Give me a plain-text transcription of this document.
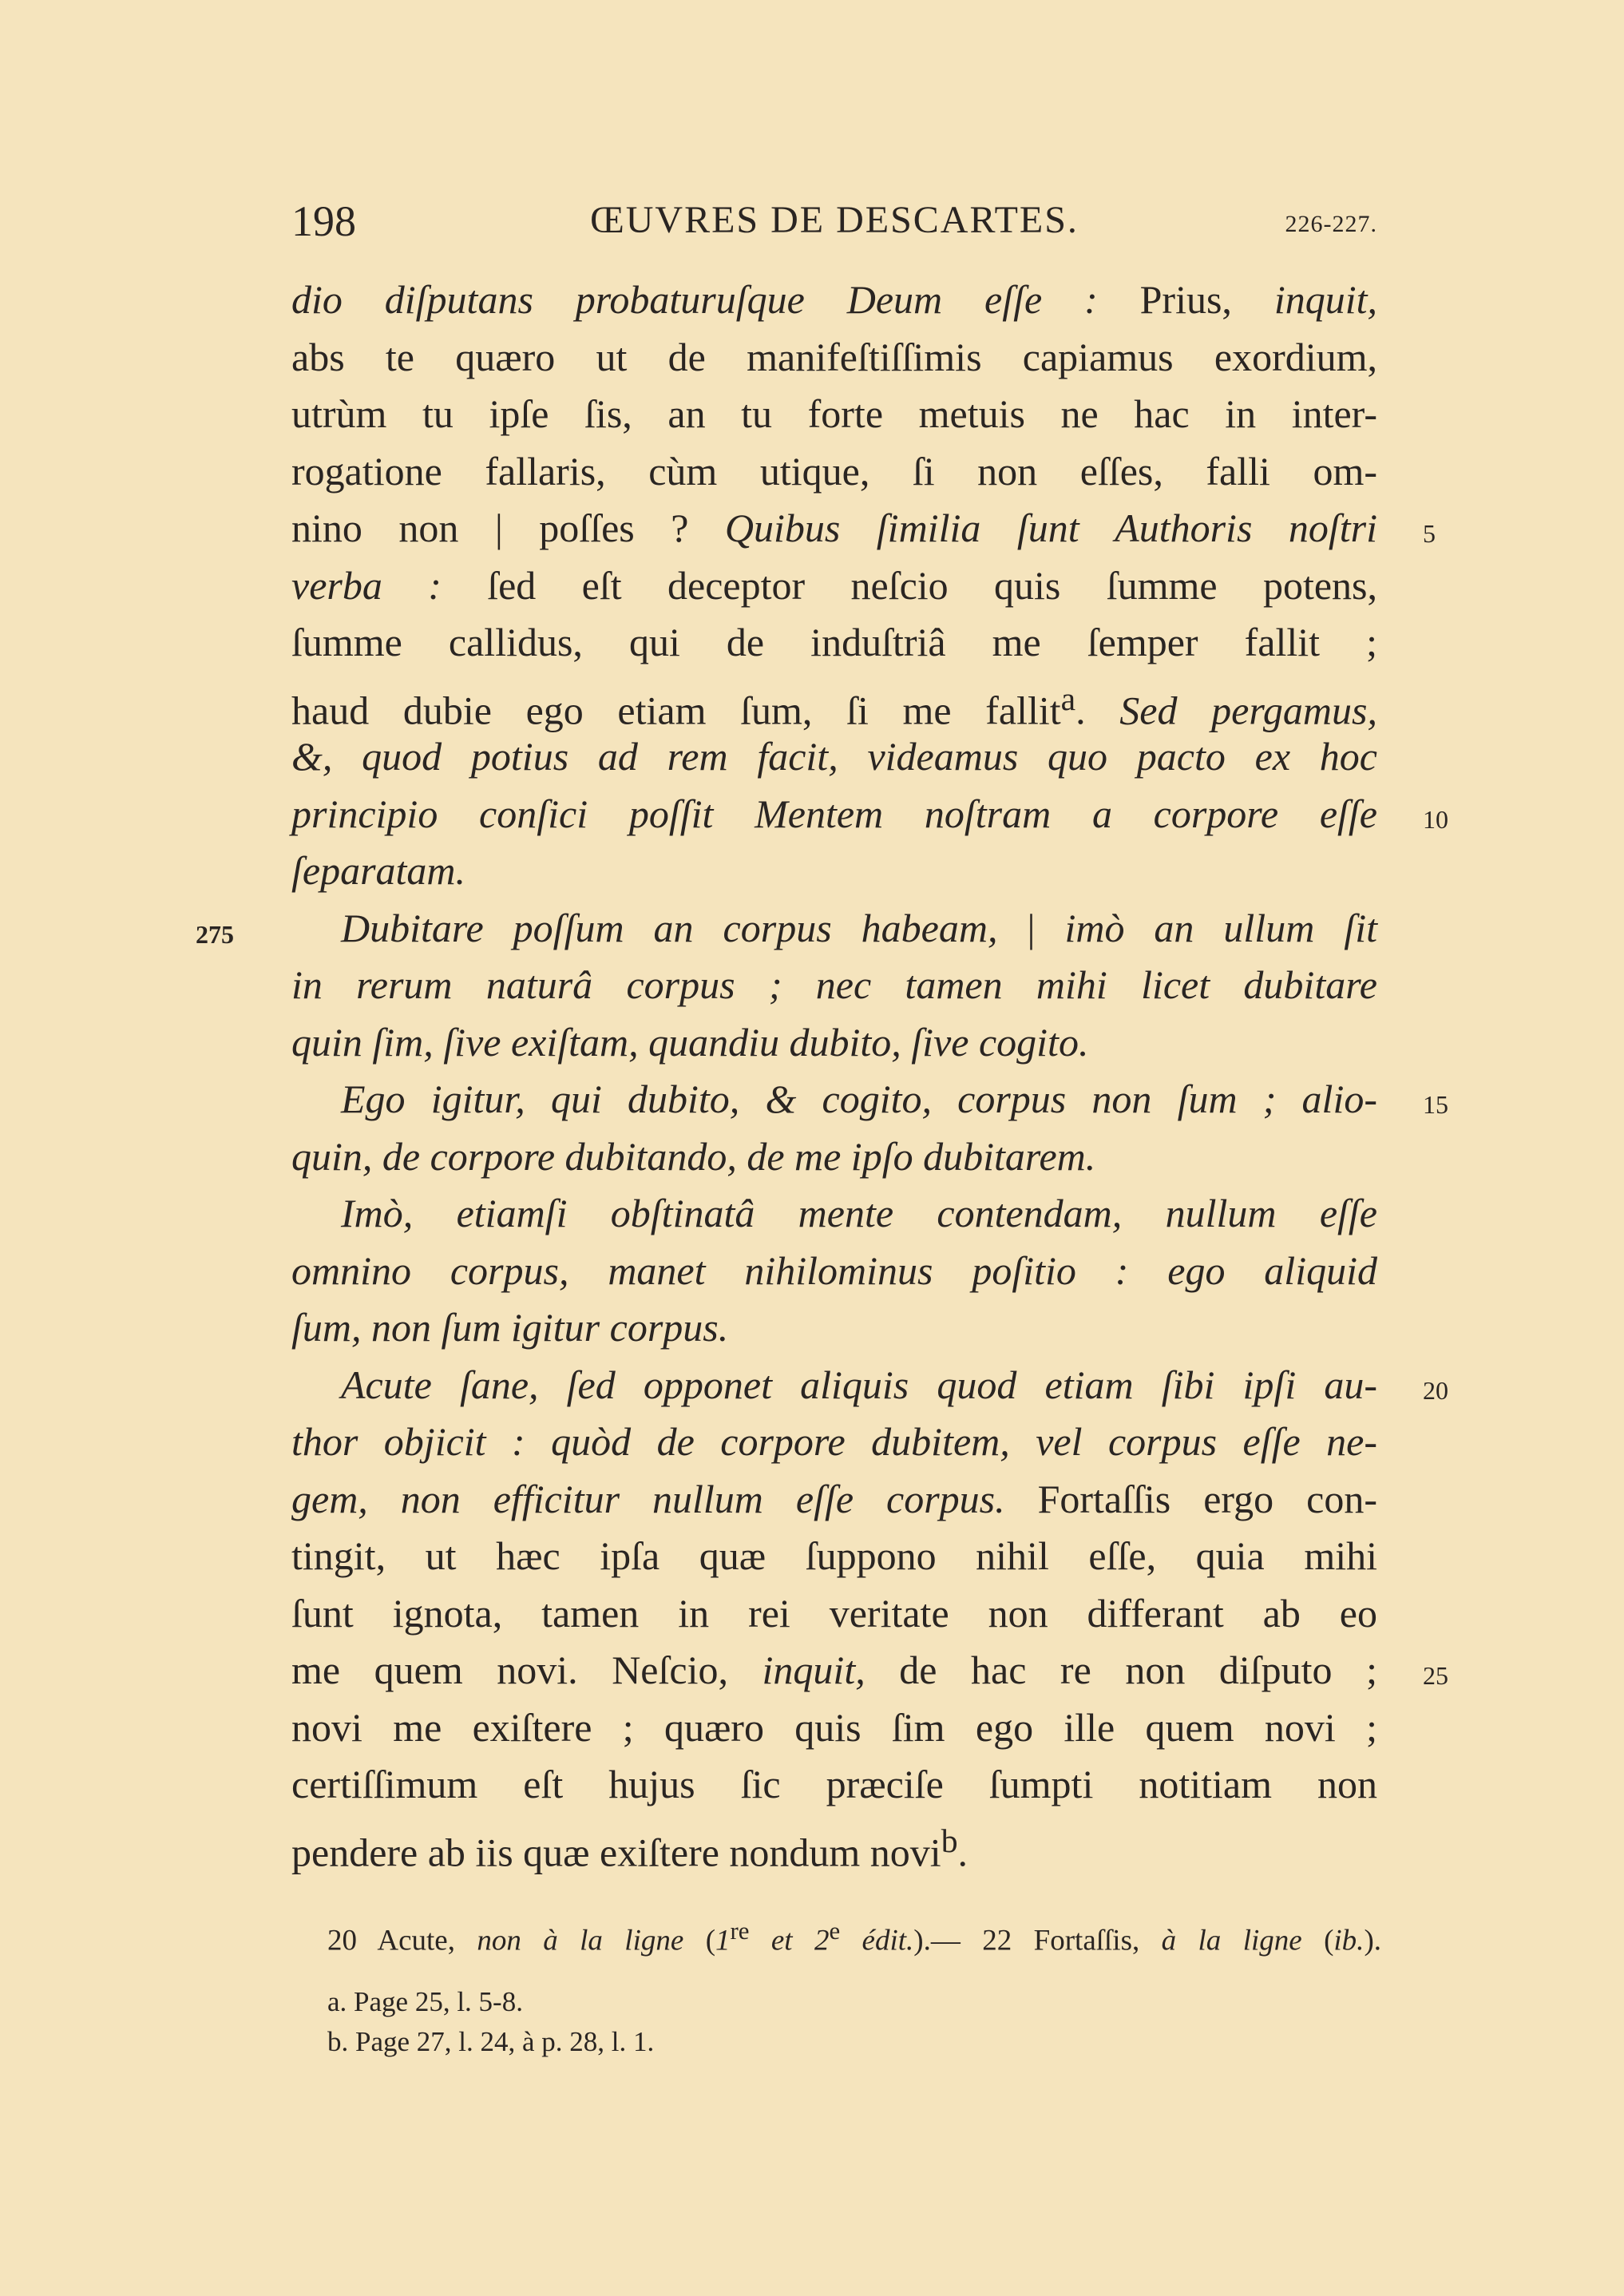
198	ŒUVRES DE DESCARTES.	226-227.
dio diſputans probaturuſque Deum eſſe : Prius, inquit,
abs te quæro ut de manifeſtiſſimis capiamus exordium,
utrùm tu ipſe ſis, an tu forte metuis ne hac in inter-
rogatione fallaris, cùm utique, ſi non eſſes, falli om-
nino non | poſſes ? Quibus ſimilia ſunt Authoris noſtri
verba : ſed eſt deceptor neſcio quis ſumme potens,
ſumme callidus, qui de induſtriâ me ſemper fallit ;
haud dubie ego etiam ſum, ſi me fallit$^a$. Sed pergamus,
&, quod potius ad rem facit, videamus quo pacto ex hoc
principio conſici poſſit Mentem noſtram a corpore eſſe
ſeparatam.
Dubitare poſſum an corpus habeam, | imò an ullum ſit
in rerum naturâ corpus ; nec tamen mihi licet dubitare
quin ſim, ſive exiſtam, quandiu dubito, ſive cogito.
Ego igitur, qui dubito, & cogito, corpus non ſum ; alio-
quin, de corpore dubitando, de me ipſo dubitarem.
Imò, etiamſi obſtinatâ mente contendam, nullum eſſe
omnino corpus, manet nihilominus poſitio : ego aliquid
ſum, non ſum igitur corpus.
Acute ſane, ſed opponet aliquis quod etiam ſibi ipſi au-
thor objicit : quòd de corpore dubitem, vel corpus eſſe ne-
gem, non efficitur nullum eſſe corpus. Fortaſſis ergo con-
tingit, ut hæc ipſa quæ ſuppono nihil eſſe, quia mihi
ſunt ignota, tamen in rei veritate non differant ab eo
me quem novi. Neſcio, inquit, de hac re non diſputo ;
novi me exiſtere ; quæro quis ſim ego ille quem novi ;
certiſſimum eſt hujus ſic præciſe ſumpti notitiam non
pendere ab iis quæ exiſtere nondum novi$^b$.
5
10
15
20
25
275
20 Acute, non à la ligne (1re et 2e édit.).— 22 Fortaſſis, à la ligne (ib.).
a. Page 25, l. 5-8.
b. Page 27, l. 24, à p. 28, l. 1.
